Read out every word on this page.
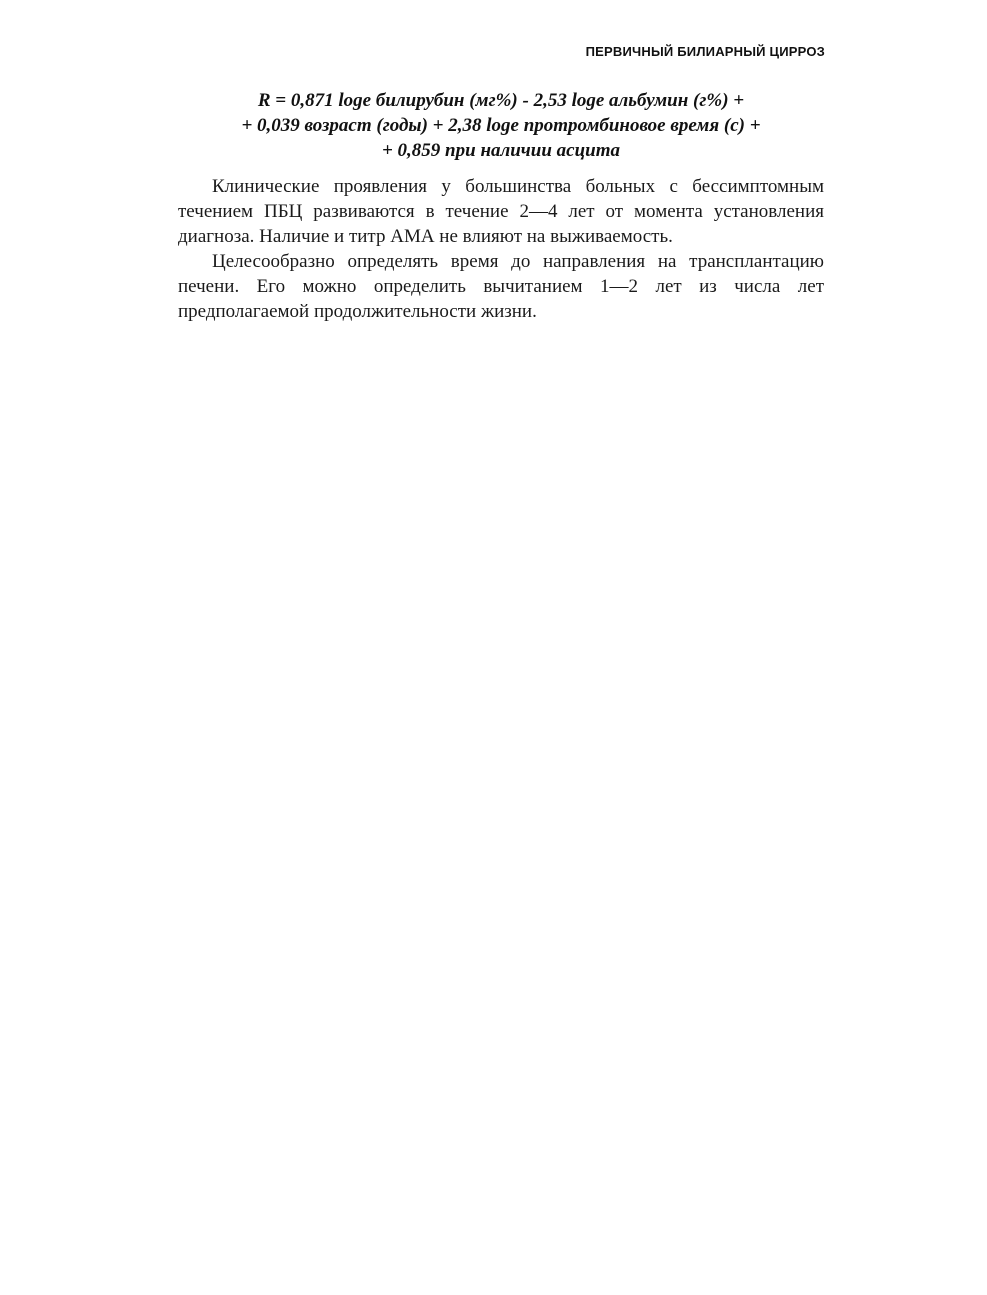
ПЕРВИЧНЫЙ БИЛИАРНЫЙ ЦИРРОЗ
R = 0,871 loge билирубин (мг%) - 2,53 loge альбумин (г%) +
+ 0,039 возраст (годы) + 2,38 loge протромбиновое время (с) +
+ 0,859 при наличии асцита

Клинические проявления у большинства больных с бессимптомным течением ПБЦ развиваются в течение 2—4 лет от момента установления диагноза. Наличие и титр АМА не влияют на выживаемость.

Целесообразно определять время до направления на трансплантацию печени. Его можно определить вычитанием 1—2 лет из числа лет предполагаемой продолжительности жизни.
